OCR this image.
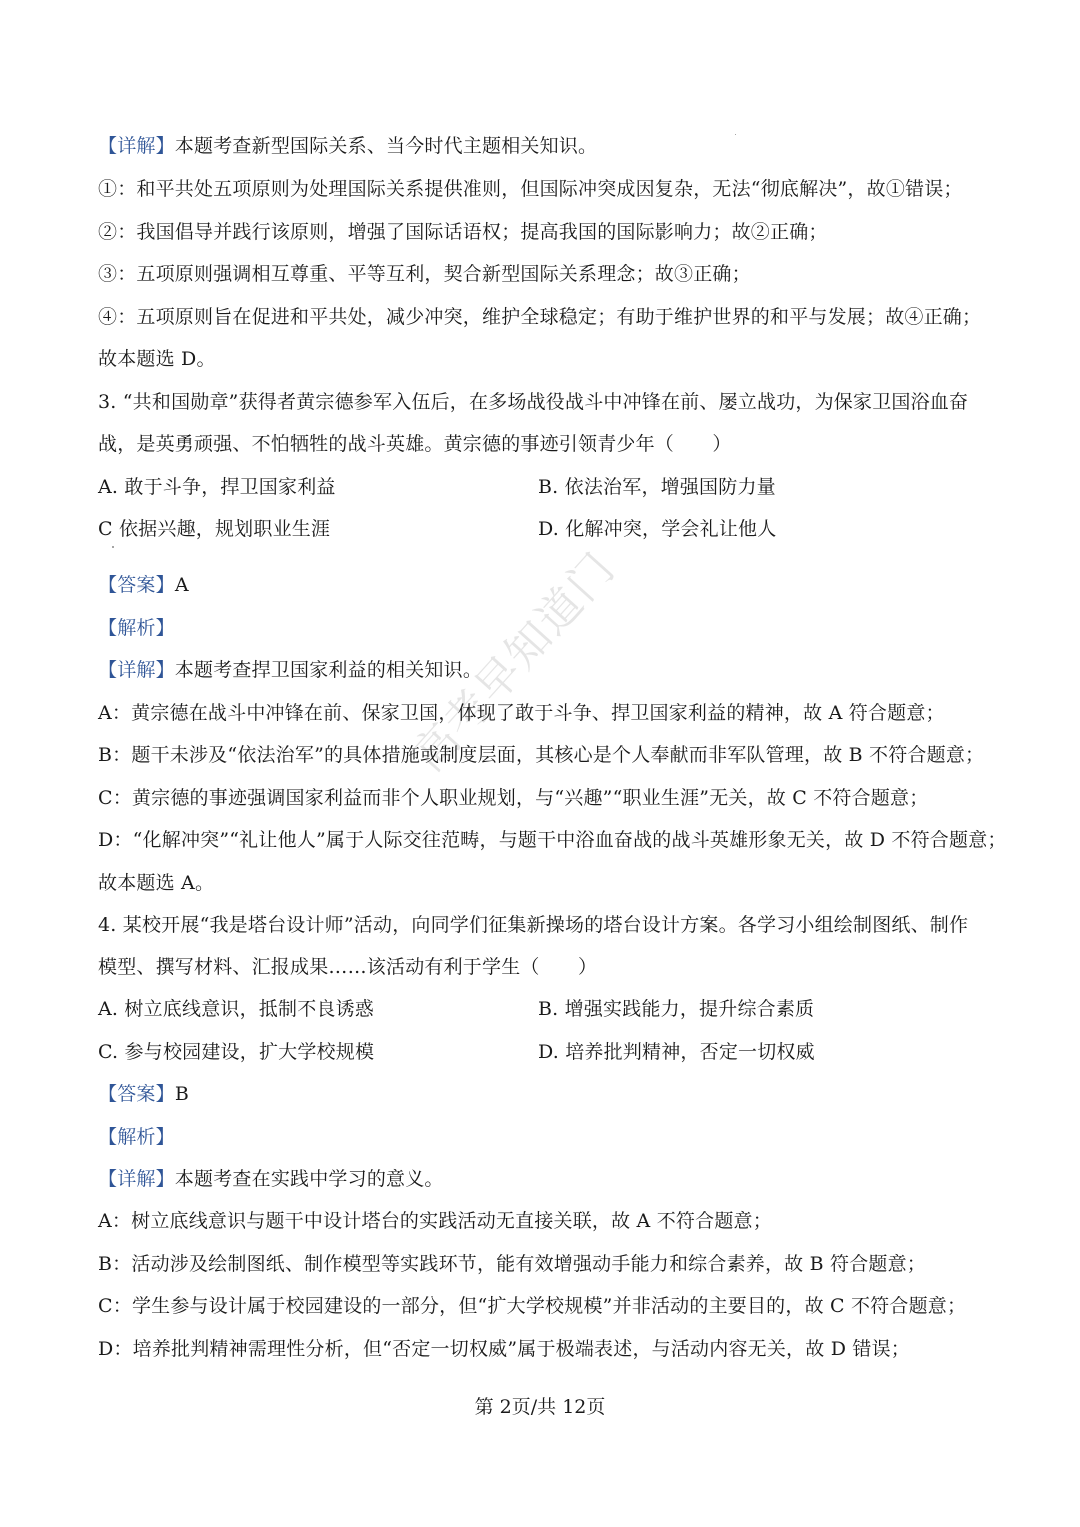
【详解】本题考查新型国际关系、当今时代主题相关知识。
①：和平共处五项原则为处理国际关系提供准则，但国际冲突成因复杂，无法“彻底解决”，故①错误；
②：我国倡导并践行该原则，增强了国际话语权；提高我国的国际影响力；故②正确；
③：五项原则强调相互尊重、平等互利，契合新型国际关系理念；故③正确；
④：五项原则旨在促进和平共处，减少冲突，维护全球稳定；有助于维护世界的和平与发展；故④正确；
故本题选 D。
3. “共和国勋章”获得者黄宗德参军入伍后，在多场战役战斗中冲锋在前、屡立战功，为保家卫国浴血奋
战，是英勇顽强、不怕牺牲的战斗英雄。黄宗德的事迹引领青少年（　　）
A. 敢于斗争，捍卫国家利益	B. 依法治军，增强国防力量
C 依据兴趣，规划职业生涯	D. 化解冲突，学会礼让他人
【答案】A
【解析】
【详解】本题考查捍卫国家利益的相关知识。
A：黄宗德在战斗中冲锋在前、保家卫国，体现了敢于斗争、捍卫国家利益的精神，故 A 符合题意；
B：题干未涉及“依法治军”的具体措施或制度层面，其核心是个人奉献而非军队管理，故 B 不符合题意；
C：黄宗德的事迹强调国家利益而非个人职业规划，与“兴趣”“职业生涯”无关，故 C 不符合题意；
D：“化解冲突”“礼让他人”属于人际交往范畴，与题干中浴血奋战的战斗英雄形象无关，故 D 不符合题意；
故本题选 A。
4. 某校开展“我是塔台设计师”活动，向同学们征集新操场的塔台设计方案。各学习小组绘制图纸、制作
模型、撰写材料、汇报成果……该活动有利于学生（　　）
A. 树立底线意识，抵制不良诱惑	B. 增强实践能力，提升综合素质
C. 参与校园建设，扩大学校规模	D. 培养批判精神，否定一切权威
【答案】B
【解析】
【详解】本题考查在实践中学习的意义。
A：树立底线意识与题干中设计塔台的实践活动无直接关联，故 A 不符合题意；
B：活动涉及绘制图纸、制作模型等实践环节，能有效增强动手能力和综合素养，故 B 符合题意；
C：学生参与设计属于校园建设的一部分，但“扩大学校规模”并非活动的主要目的，故 C 不符合题意；
D：培养批判精神需理性分析，但“否定一切权威”属于极端表述，与活动内容无关，故 D 错误；
高考早知道门
第 2页/共 12页
